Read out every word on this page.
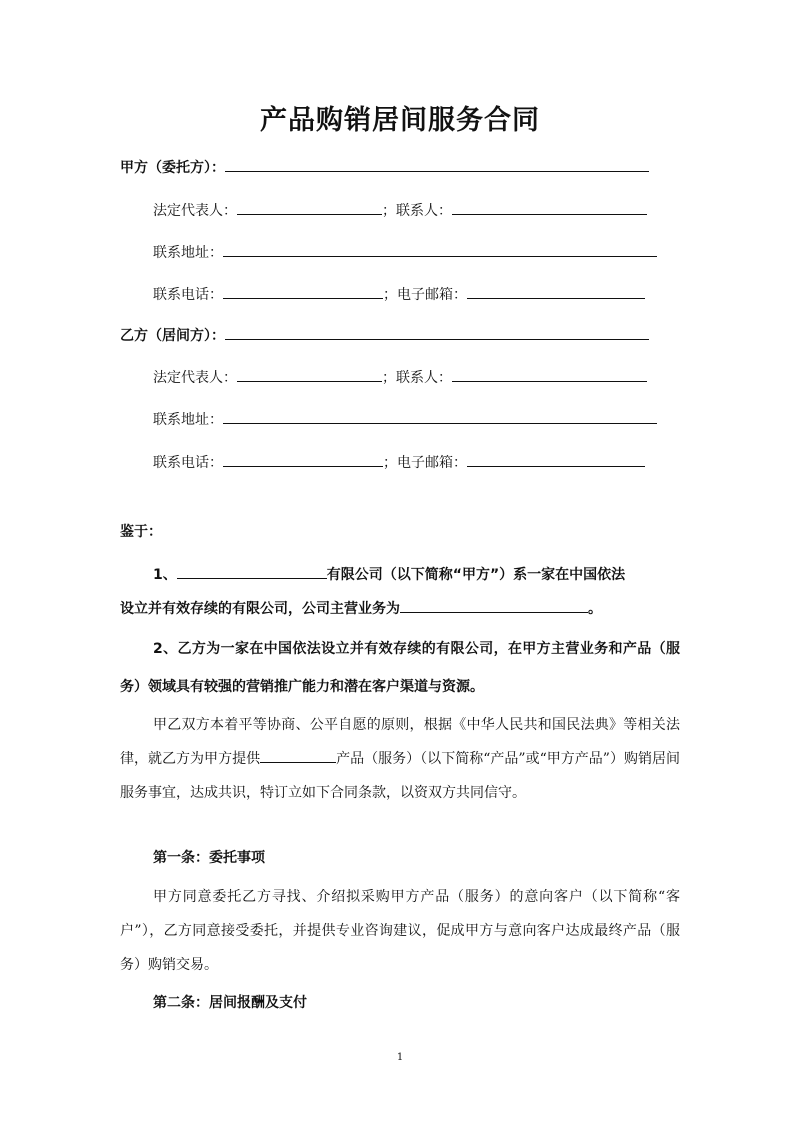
产品购销居间服务合同
甲方（委托方）：
法定代表人：	；联系人：
联系地址：
联系电话：	；电子邮箱：
乙方（居间方）：
法定代表人：	；联系人：
联系地址：
联系电话：	；电子邮箱：
鉴于：
1、	有限公司（以下简称“甲方”）系一家在中国依法
设立并有效存续的有限公司，公司主营业务为	。
2、乙方为一家在中国依法设立并有效存续的有限公司，在甲方主营业务和产品（服务）领域具有较强的营销推广能力和潜在客户渠道与资源。
甲乙双方本着平等协商、公平自愿的原则，根据《中华人民共和国民法典》等相关法律，就乙方为甲方提供	产品（服务）（以下简称“产品”或“甲方产品”）购销居间服务事宜，达成共识，特订立如下合同条款，以资双方共同信守。
第一条：委托事项
甲方同意委托乙方寻找、介绍拟采购甲方产品（服务）的意向客户（以下简称“客户”），乙方同意接受委托，并提供专业咨询建议，促成甲方与意向客户达成最终产品（服务）购销交易。
第二条：居间报酬及支付
1
